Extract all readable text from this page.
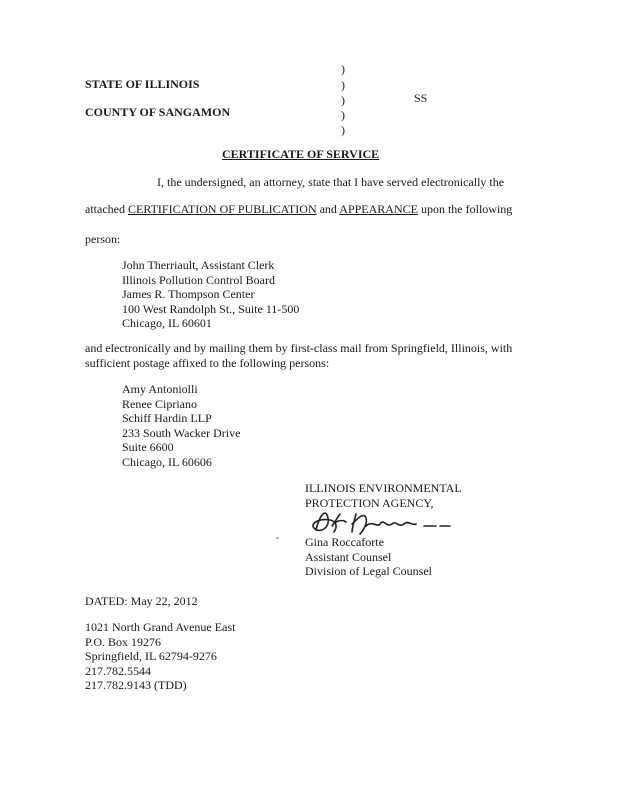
STATE OF ILLINOIS
COUNTY OF SANGAMON
)
)
)
)
)
SS
CERTIFICATE OF SERVICE
I, the undersigned, an attorney, state that I have served electronically the
attached CERTIFICATION OF PUBLICATION and APPEARANCE upon the following
person:
John Therriault, Assistant Clerk
Illinois Pollution Control Board
James R. Thompson Center
100 West Randolph St., Suite 11-500
Chicago, IL 60601
and electronically and by mailing them by first-class mail from Springfield, Illinois, with
sufficient postage affixed to the following persons:
Amy Antoniolli
Renee Cipriano
Schiff Hardin LLP
233 South Wacker Drive
Suite 6600
Chicago, IL 60606
ILLINOIS ENVIRONMENTAL
PROTECTION AGENCY,
ˆ Gina Roccaforte
Assistant Counsel
Division of Legal Counsel
DATED: May 22, 2012
1021 North Grand Avenue East
P.O. Box 19276
Springfield, IL 62794-9276
217.782.5544
217.782.9143 (TDD)
